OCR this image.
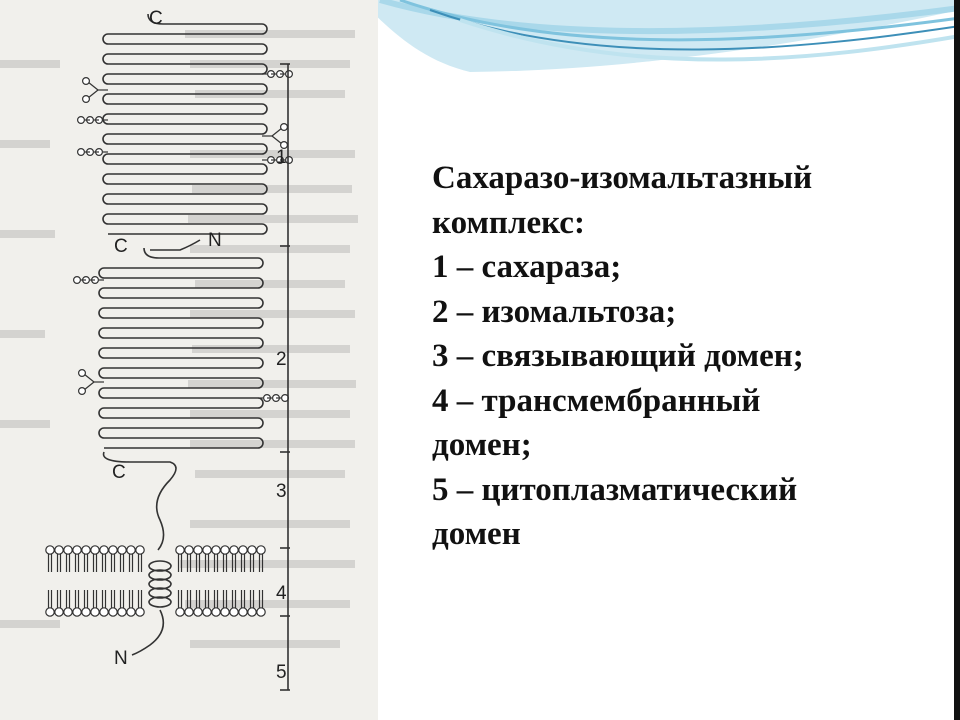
C
C	N
C
N
1
2
3
4
5
Сахаразо-изомальтазный
комплекс:
1 – сахараза;
2 – изомальтоза;
3 – связывающий домен;
4 – трансмембранный
домен;
5 – цитоплазматический
домен
